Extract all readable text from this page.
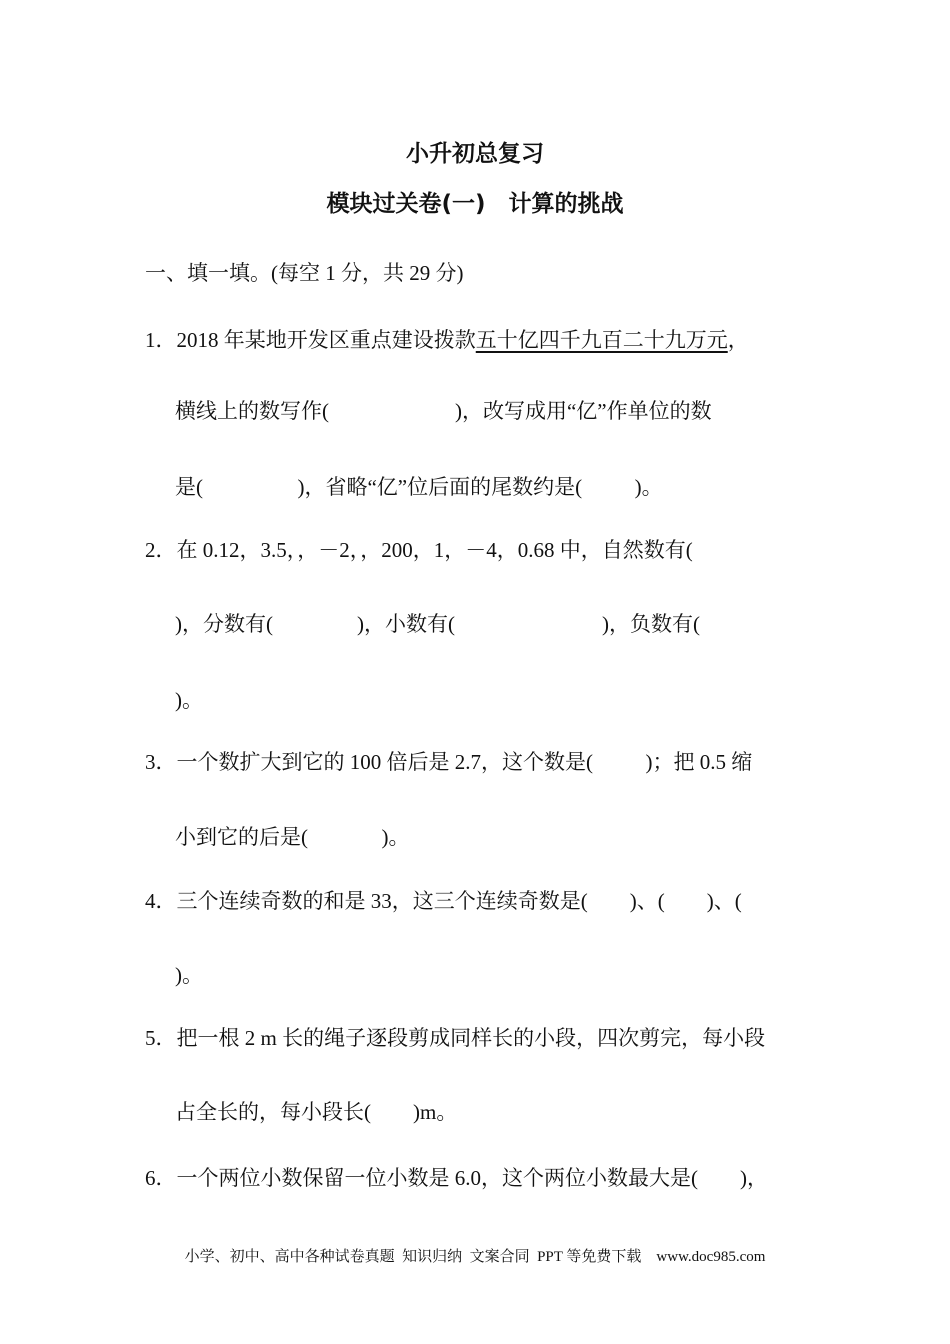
小升初总复习
模块过关卷(一)　计算的挑战
一、填一填。(每空 1 分，共 29 分)
1．2018 年某地开发区重点建设拨款五十亿四千九百二十九万元，
横线上的数写作(                        )，改写成用“亿”作单位的数
是(                  )，省略“亿”位后面的尾数约是(          )。
2．在 0.12，3.5，，－2，，200，1，－4，0.68 中，自然数有(
)，分数有(                )，小数有(                            )，负数有(
)。
3．一个数扩大到它的 100 倍后是 2.7，这个数是(          )；把 0.5 缩
小到它的后是(              )。
4．三个连续奇数的和是 33，这三个连续奇数是(        )、(        )、(
)。
5．把一根 2 m 长的绳子逐段剪成同样长的小段，四次剪完，每小段
占全长的，每小段长(        )m。
6．一个两位小数保留一位小数是 6.0，这个两位小数最大是(        )，
小学、初中、高中各种试卷真题  知识归纳  文案合同  PPT 等免费下载    www.doc985.com
